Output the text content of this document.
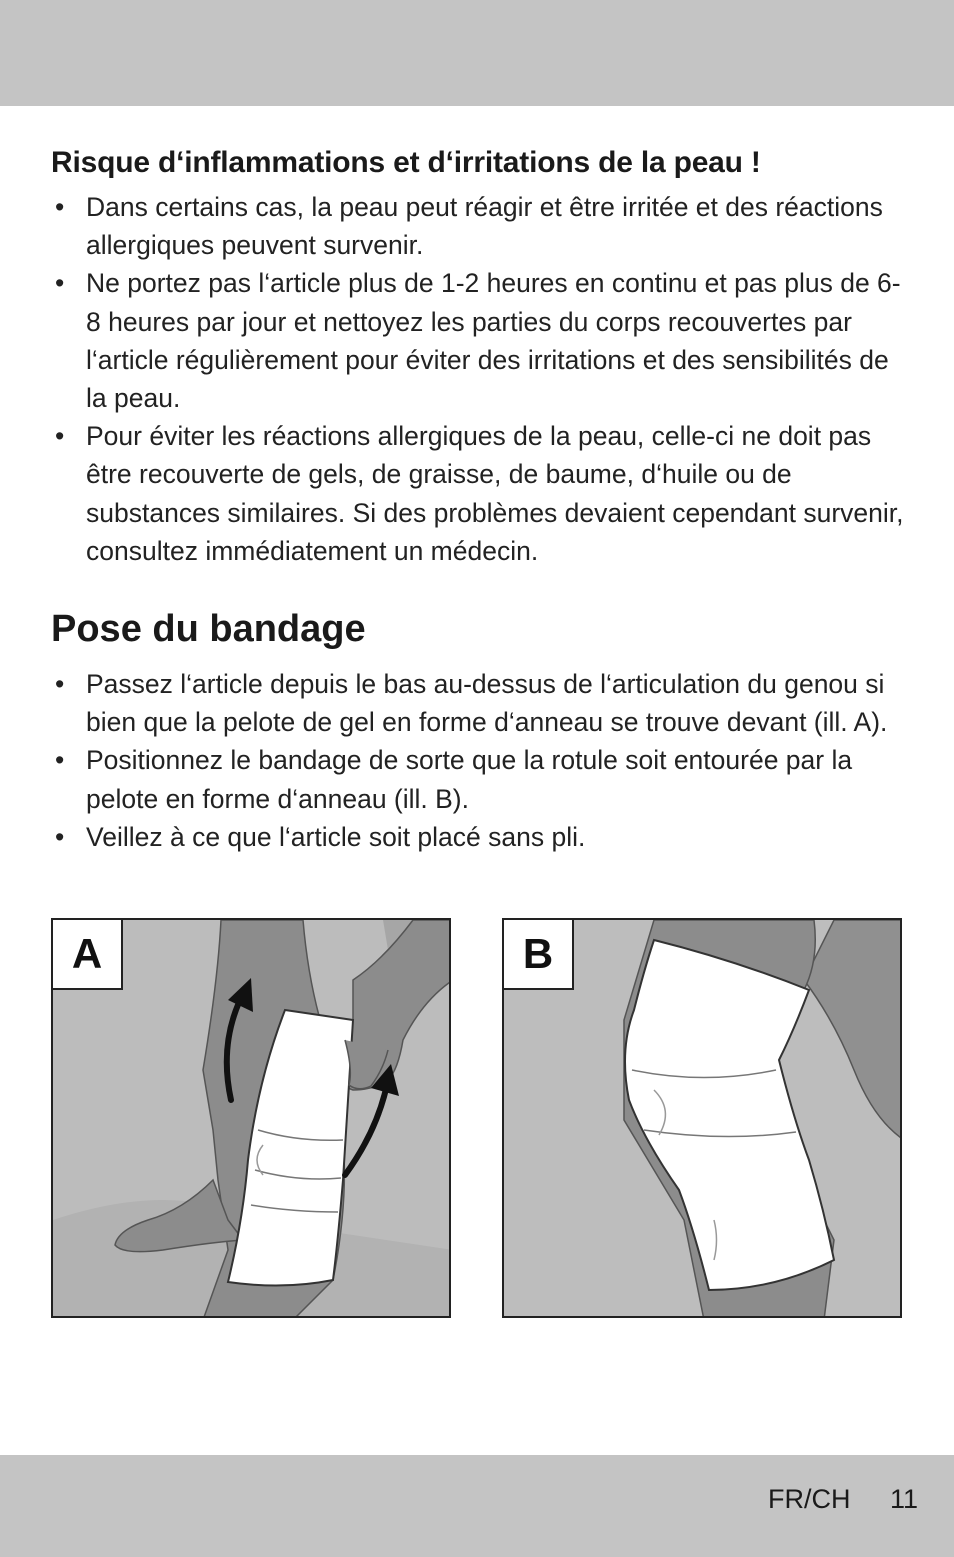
Risque d‘inflammations et d‘irritations de la peau !
• Dans certains cas, la peau peut réagir et être irritée et des réactions allergiques peuvent survenir.
• Ne portez pas l‘article plus de 1-2 heures en continu et pas plus de 6-8 heures par jour et nettoyez les parties du corps recouvertes par l‘article régulièrement pour éviter des irritations et des sensibilités de la peau.
• Pour éviter les réactions allergiques de la peau, celle-ci ne doit pas être recouverte de gels, de graisse, de baume, d‘huile ou de substances similaires. Si des problèmes devaient cependant survenir, consultez immédiatement un médecin.
Pose du bandage
• Passez l‘article depuis le bas au-dessus de l‘articulation du genou si bien que la pelote de gel en forme d‘anneau se trouve devant (ill. A).
• Positionnez le bandage de sorte que la rotule soit entourée par la pelote en forme d‘anneau (ill. B).
• Veillez à ce que l‘article soit placé sans pli.
A	B
FR/CH 11
